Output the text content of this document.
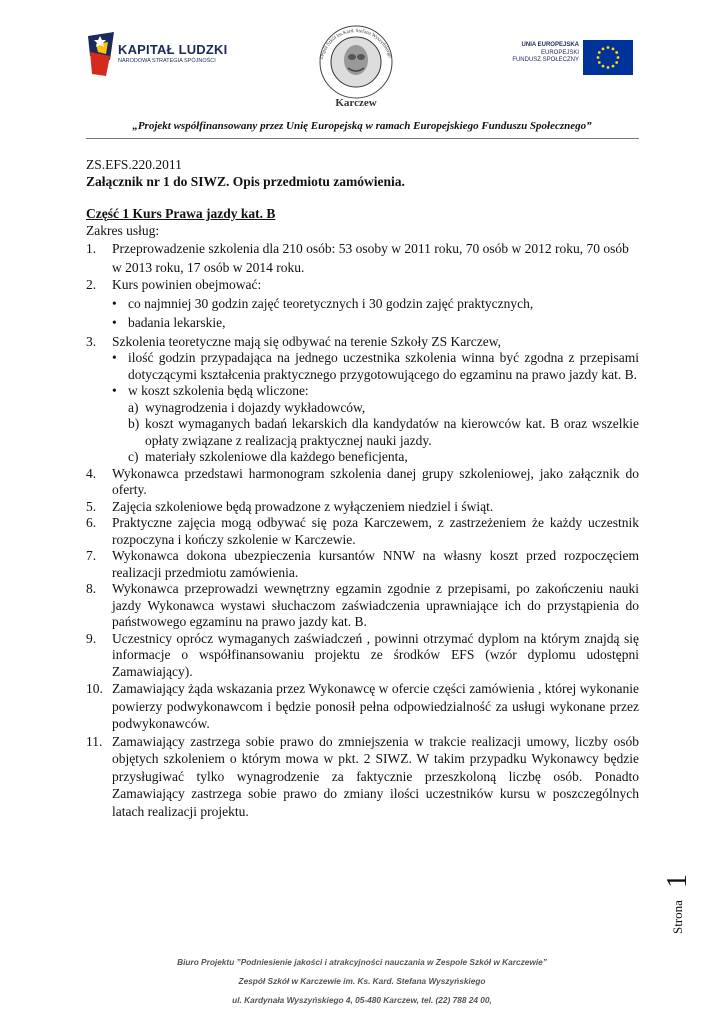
KAPITAŁ LUDZKI
NARODOWA STRATEGIA SPÓJNOŚCI	Zespół Szkół im.Kard. Stefana Wyszyńskiego
Karczew
UNIA EUROPEJSKA
EUROPEJSKI
FUNDUSZ SPOŁECZNY
„Projekt współfinansowany przez Unię Europejską w ramach Europejskiego Funduszu Społecznego”
ZS.EFS.220.2011
Załącznik nr 1 do SIWZ. Opis przedmiotu zamówienia.
Część 1 Kurs Prawa jazdy kat. B
Zakres usług:
1.	Przeprowadzenie szkolenia dla 210 osób: 53 osoby w 2011 roku, 70 osób w 2012 roku, 70 osób w 2013 roku, 17 osób w 2014 roku.
2.	Kurs powinien obejmować:
• co najmniej 30 godzin zajęć teoretycznych i 30 godzin zajęć praktycznych,
• badania lekarskie,
3.	Szkolenia teoretyczne mają się odbywać na terenie Szkoły ZS Karczew,
• ilość godzin przypadająca na jednego uczestnika szkolenia winna być zgodna z przepisami dotyczącymi kształcenia praktycznego przygotowującego do egzaminu na prawo jazdy kat. B.
• w koszt szkolenia będą wliczone:
a) wynagrodzenia i dojazdy wykładowców,
b) koszt wymaganych badań lekarskich dla kandydatów na kierowców kat. B oraz wszelkie opłaty związane z realizacją praktycznej nauki jazdy.
c) materiały szkoleniowe dla każdego beneficjenta,
4.	Wykonawca przedstawi harmonogram szkolenia danej grupy szkoleniowej, jako załącznik do oferty.
5.	Zajęcia szkoleniowe będą prowadzone z wyłączeniem niedziel i świąt.
6.	Praktyczne zajęcia mogą odbywać się poza Karczewem, z zastrzeżeniem że każdy uczestnik rozpoczyna i kończy szkolenie w Karczewie.
7.	Wykonawca dokona ubezpieczenia kursantów NNW na własny koszt przed rozpoczęciem realizacji przedmiotu zamówienia.
8.	Wykonawca przeprowadzi wewnętrzny egzamin zgodnie z przepisami, po zakończeniu nauki jazdy Wykonawca wystawi słuchaczom zaświadczenia uprawniające ich do przystąpienia do państwowego egzaminu na prawo jazdy kat. B.
9.	Uczestnicy oprócz wymaganych zaświadczeń , powinni otrzymać dyplom na którym znajdą się informacje o współfinansowaniu projektu ze środków EFS (wzór dyplomu udostępni Zamawiający).
10. Zamawiający żąda wskazania przez Wykonawcę w ofercie części zamówienia , której wykonanie powierzy podwykonawcom i będzie ponosił pełna odpowiedzialność za usługi wykonane przez podwykonawców.
11. Zamawiający zastrzega sobie prawo do zmniejszenia w trakcie realizacji umowy, liczby osób objętych szkoleniem o którym mowa w pkt. 2 SIWZ. W takim przypadku Wykonawcy będzie przysługiwać tylko wynagrodzenie za faktycznie przeszkoloną liczbę osób. Ponadto Zamawiający zastrzega sobie prawo do zmiany ilości uczestników kursu w poszczególnych latach realizacji projektu.
Strona
1
Biuro Projektu ”Podniesienie jakości i atrakcyjności nauczania w Zespole Szkół w Karczewie”
Zespół Szkół w Karczewie im. Ks. Kard. Stefana Wyszyńskiego
ul. Kardynała Wyszyńskiego 4, 05-480 Karczew, tel. (22) 788 24 00,
